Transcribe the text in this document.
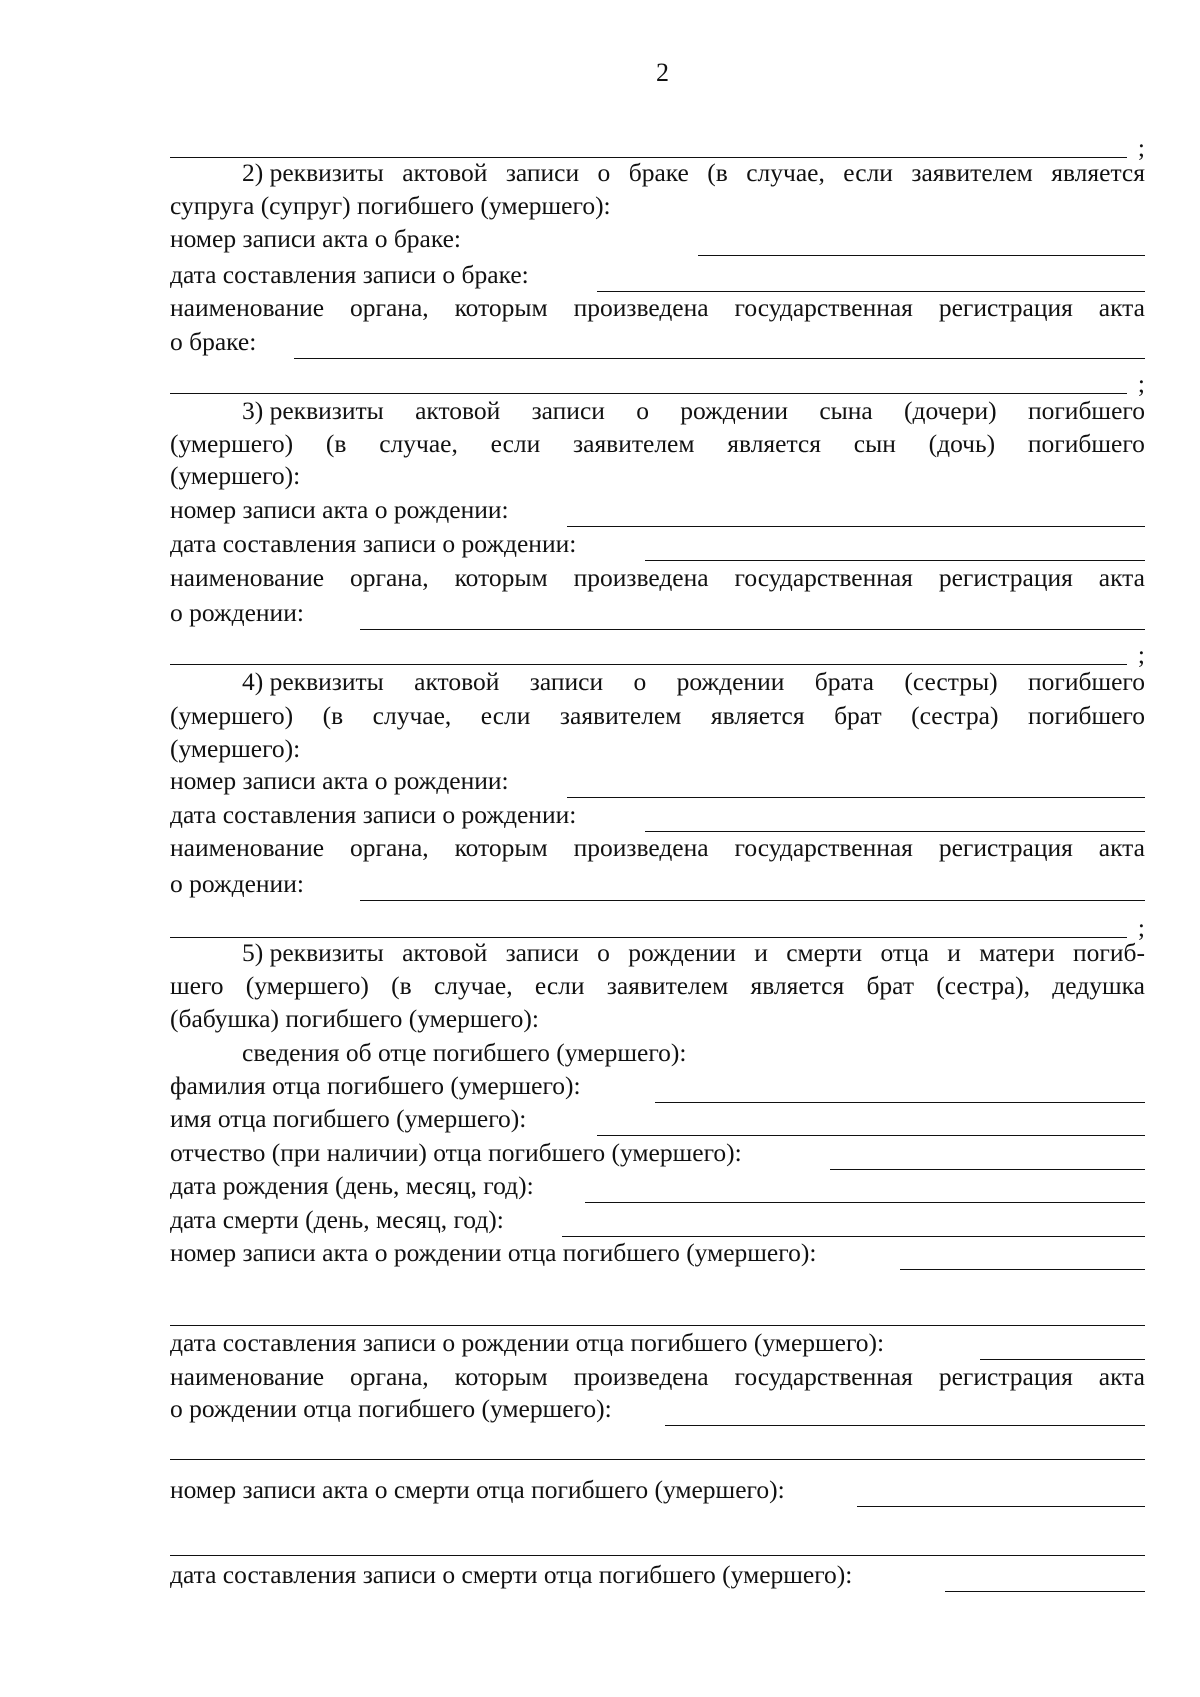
2
;
2) реквизиты актовой записи о браке (в случае, если заявителем является
супруга (супруг) погибшего (умершего):
номер записи акта о браке:
дата составления записи о браке:
наименование органа, которым произведена государственная регистрация акта
о браке:
;
3) реквизиты актовой записи о рождении сына (дочери) погибшего
(умершего) (в случае, если заявителем является сын (дочь) погибшего
(умершего):
номер записи акта о рождении:
дата составления записи о рождении:
наименование органа, которым произведена государственная регистрация акта
о рождении:
;
4) реквизиты актовой записи о рождении брата (сестры) погибшего
(умершего) (в случае, если заявителем является брат (сестра) погибшего
(умершего):
номер записи акта о рождении:
дата составления записи о рождении:
наименование органа, которым произведена государственная регистрация акта
о рождении:
;
5) реквизиты актовой записи о рождении и смерти отца и матери погиб-
шего (умершего) (в случае, если заявителем является брат (сестра), дедушка
(бабушка) погибшего (умершего):
сведения об отце погибшего (умершего):
фамилия отца погибшего (умершего):
имя отца погибшего (умершего):
отчество (при наличии) отца погибшего (умершего):
дата рождения (день, месяц, год):
дата смерти (день, месяц, год):
номер записи акта о рождении отца погибшего (умершего):
дата составления записи о рождении отца погибшего (умершего):
наименование органа, которым произведена государственная регистрация акта
о рождении отца погибшего (умершего):
номер записи акта о смерти отца погибшего (умершего):
дата составления записи о смерти отца погибшего (умершего):
